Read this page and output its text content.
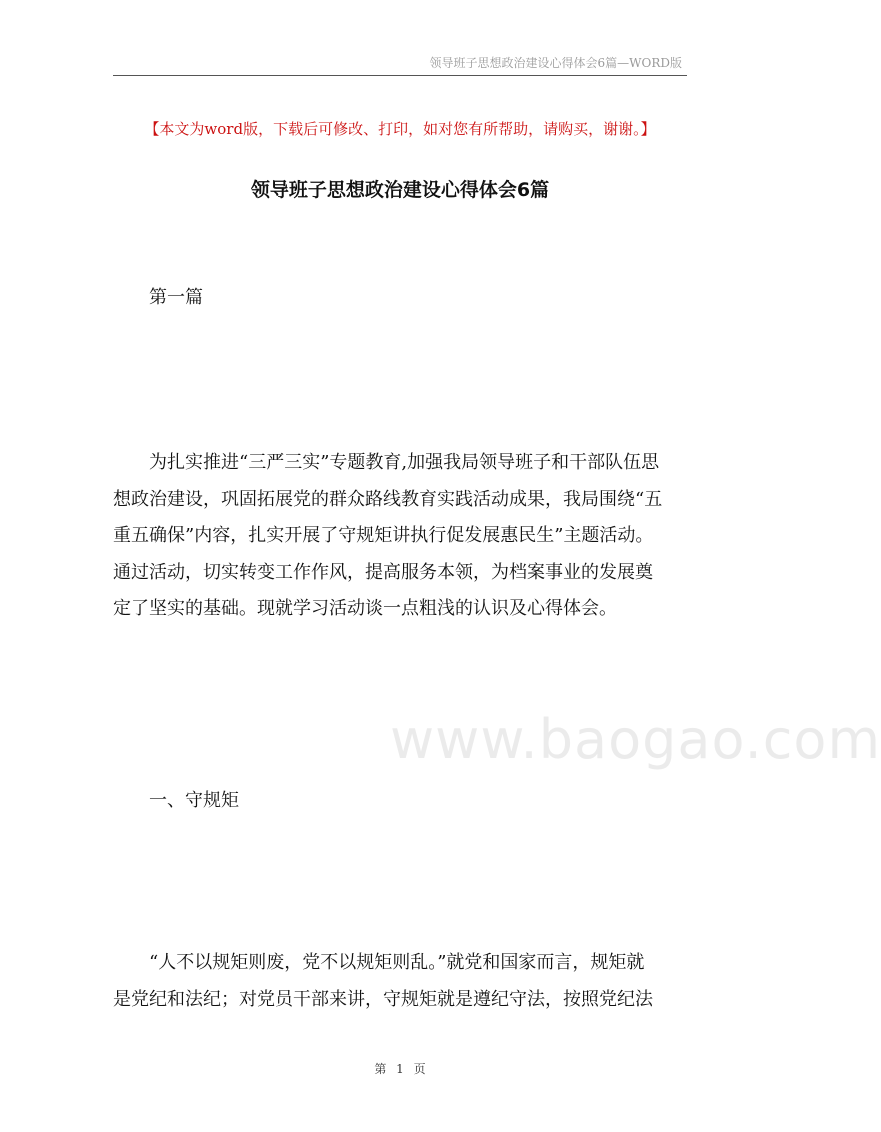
领导班子思想政治建设心得体会6篇—WORD版
【本文为word版，下载后可修改、打印，如对您有所帮助，请购买，谢谢。】
领导班子思想政治建设心得体会6篇
第一篇
为扎实推进“三严三实”专题教育,加强我局领导班子和干部队伍思
想政治建设，巩固拓展党的群众路线教育实践活动成果，我局围绕“五
重五确保”内容，扎实开展了守规矩讲执行促发展惠民生”主题活动。
通过活动，切实转变工作作风，提高服务本领，为档案事业的发展奠
定了坚实的基础。现就学习活动谈一点粗浅的认识及心得体会。
www.baogao.com
一、守规矩
“人不以规矩则废，党不以规矩则乱。”就党和国家而言，规矩就
是党纪和法纪；对党员干部来讲，守规矩就是遵纪守法，按照党纪法
第 1 页
